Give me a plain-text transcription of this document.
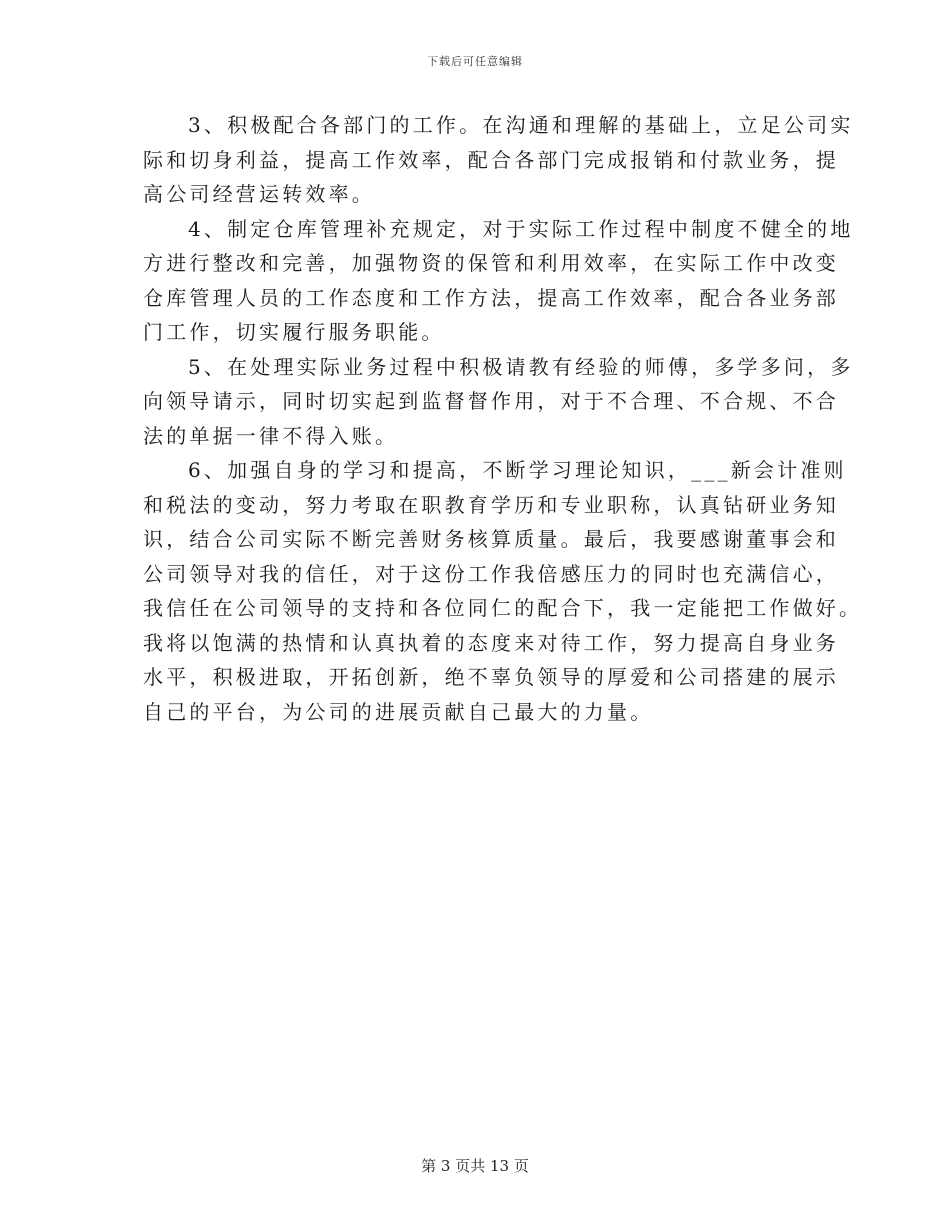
下载后可任意编辑
3、积极配合各部门的工作。在沟通和理解的基础上，立足公司实
际和切身利益，提高工作效率，配合各部门完成报销和付款业务，提
高公司经营运转效率。
4、制定仓库管理补充规定，对于实际工作过程中制度不健全的地
方进行整改和完善，加强物资的保管和利用效率，在实际工作中改变
仓库管理人员的工作态度和工作方法，提高工作效率，配合各业务部
门工作，切实履行服务职能。
5、在处理实际业务过程中积极请教有经验的师傅，多学多问，多
向领导请示，同时切实起到监督督作用，对于不合理、不合规、不合
法的单据一律不得入账。
6、加强自身的学习和提高，不断学习理论知识，___新会计准则
和税法的变动，努力考取在职教育学历和专业职称，认真钻研业务知
识，结合公司实际不断完善财务核算质量。最后，我要感谢董事会和
公司领导对我的信任，对于这份工作我倍感压力的同时也充满信心，
我信任在公司领导的支持和各位同仁的配合下，我一定能把工作做好。
我将以饱满的热情和认真执着的态度来对待工作，努力提高自身业务
水平，积极进取，开拓创新，绝不辜负领导的厚爱和公司搭建的展示
自己的平台，为公司的进展贡献自己最大的力量。
第 3 页共 13 页
